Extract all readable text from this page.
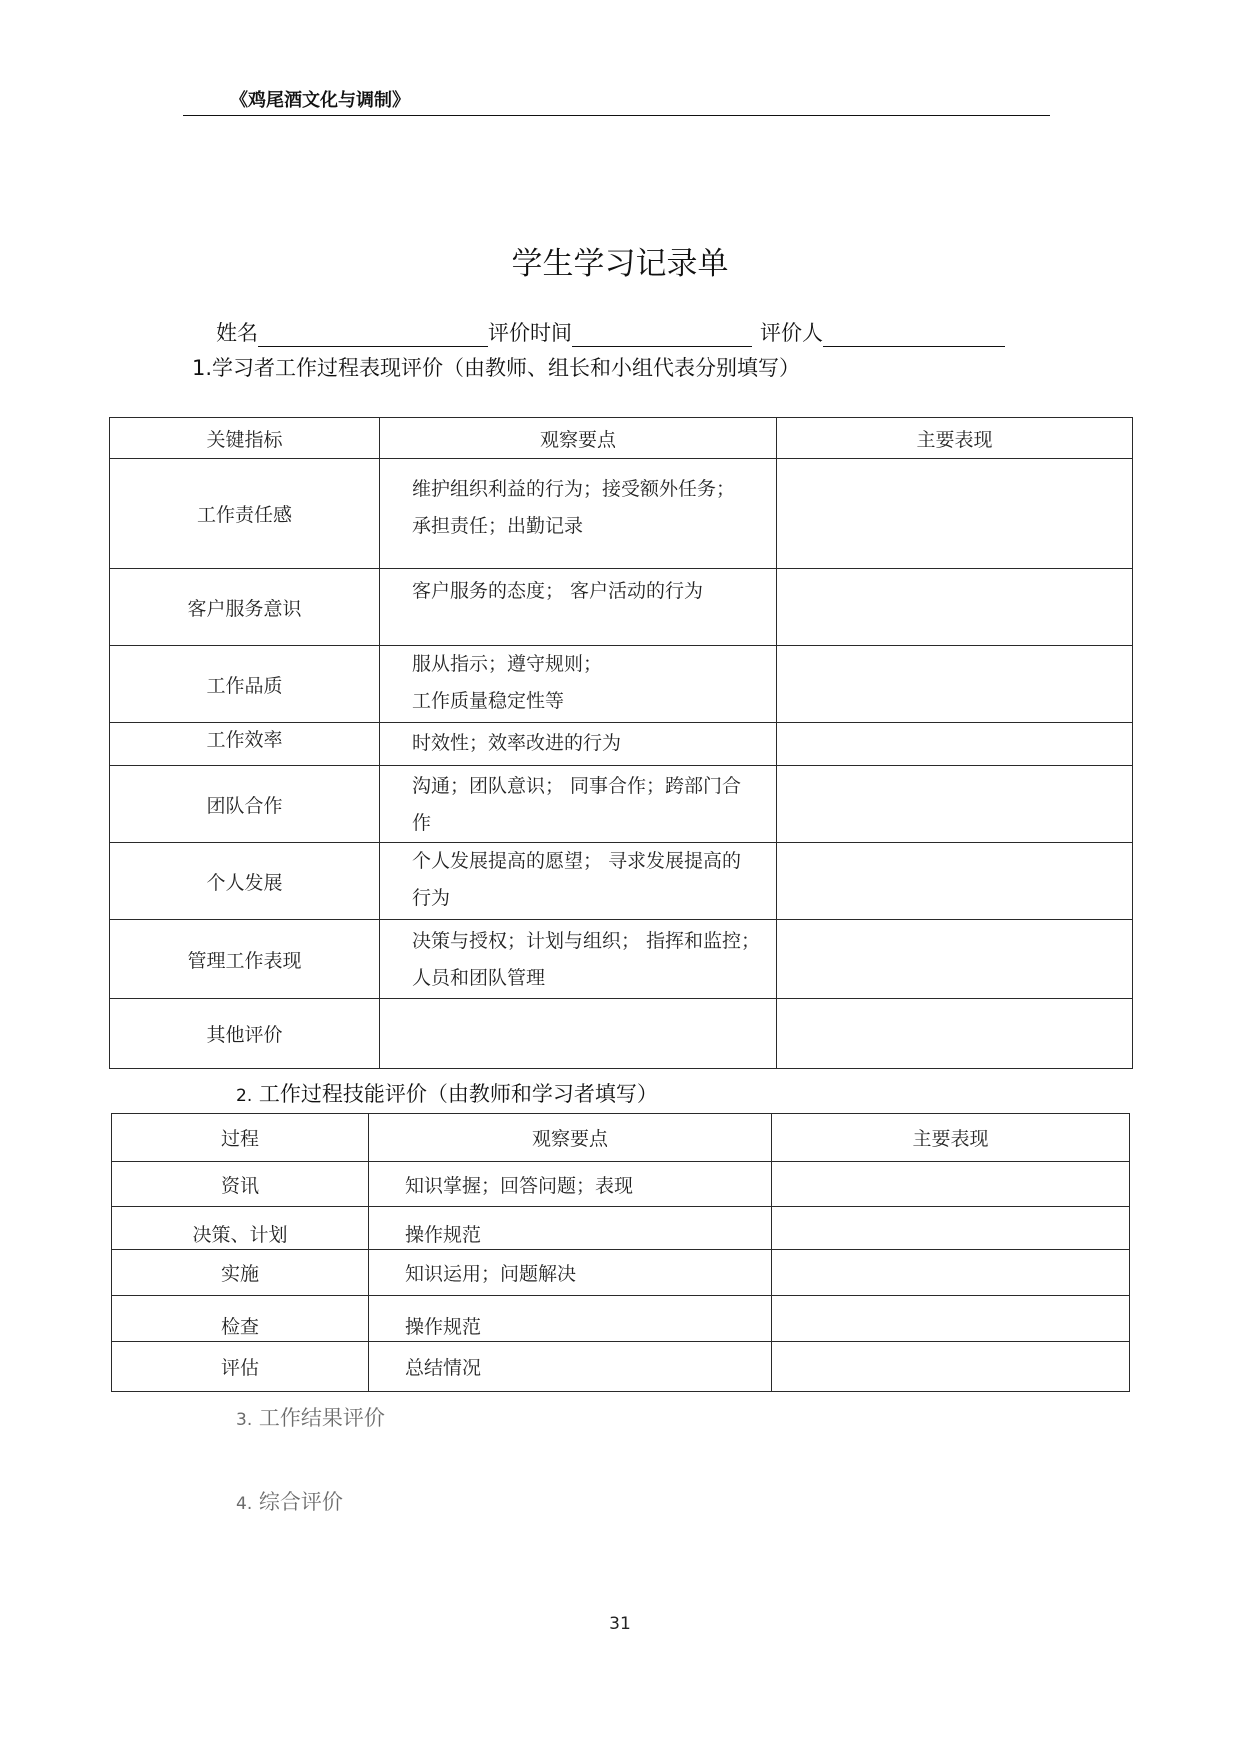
《鸡尾酒文化与调制》
学生学习记录单
姓名	评价时间	评价人
1.学习者工作过程表现评价（由教师、组长和小组代表分别填写）
关键指标	观察要点	主要表现
工作责任感	维护组织利益的行为；接受额外任务；
承担责任；出勤记录	

客户服务意识	客户服务的态度； 客户活动的行为	

工作品质	服从指示；遵守规则；
工作质量稳定性等	

工作效率	时效性；效率改进的行为	

团队合作	沟通；团队意识； 同事合作；跨部门合
作	

个人发展	个人发展提高的愿望； 寻求发展提高的
行为	

管理工作表现	决策与授权；计划与组织； 指挥和监控；
人员和团队管理	

其他评价		
2. 工作过程技能评价（由教师和学习者填写）
过程	观察要点	主要表现
资讯	知识掌握；回答问题；表现	
决策、计划	操作规范	
实施	知识运用；问题解决	
检查	操作规范	
评估	总结情况	
3. 工作结果评价
4. 综合评价
31
